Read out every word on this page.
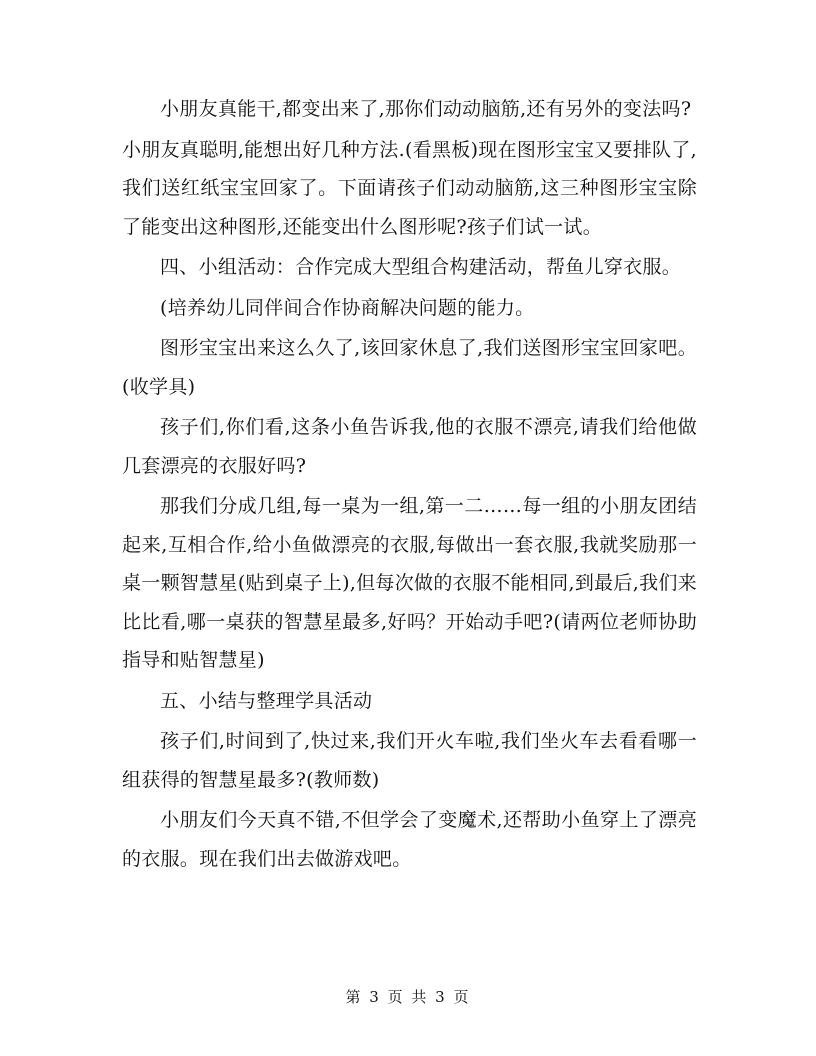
小朋友真能干,都变出来了,那你们动动脑筋,还有另外的变法吗?

小朋友真聪明,能想出好几种方法.(看黑板)现在图形宝宝又要排队了,我们送红纸宝宝回家了。下面请孩子们动动脑筋,这三种图形宝宝除了能变出这种图形,还能变出什么图形呢?孩子们试一试。

四、小组活动：合作完成大型组合构建活动，帮鱼儿穿衣服。

(培养幼儿同伴间合作协商解决问题的能力。

图形宝宝出来这么久了,该回家休息了,我们送图形宝宝回家吧。(收学具)

孩子们,你们看,这条小鱼告诉我,他的衣服不漂亮,请我们给他做几套漂亮的衣服好吗?

那我们分成几组,每一桌为一组,第一二……每一组的小朋友团结起来,互相合作,给小鱼做漂亮的衣服,每做出一套衣服,我就奖励那一桌一颗智慧星(贴到桌子上),但每次做的衣服不能相同,到最后,我们来比比看,哪一桌获的智慧星最多,好吗？开始动手吧?(请两位老师协助指导和贴智慧星)

五、小结与整理学具活动

孩子们,时间到了,快过来,我们开火车啦,我们坐火车去看看哪一组获得的智慧星最多?(教师数)

小朋友们今天真不错,不但学会了变魔术,还帮助小鱼穿上了漂亮的衣服。现在我们出去做游戏吧。

第 3 页 共 3 页
